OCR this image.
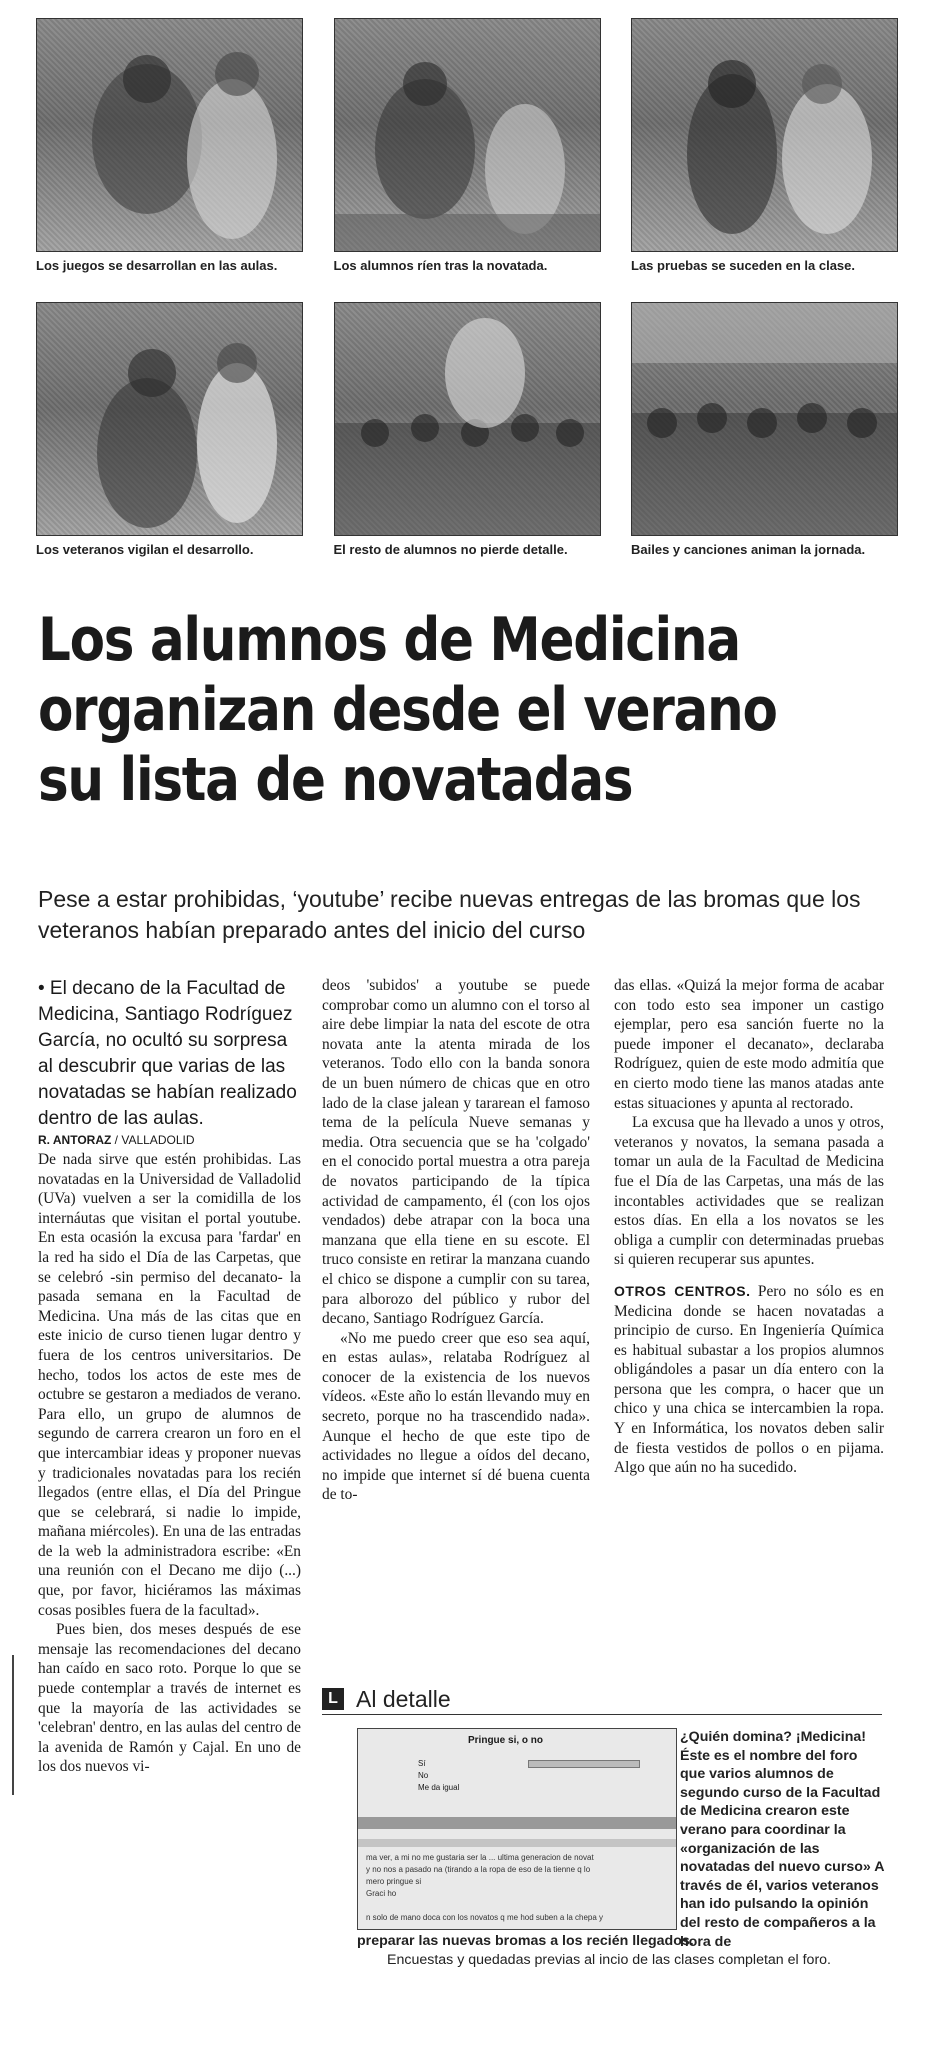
Los juegos se desarrollan en las aulas.	Los alumnos ríen tras la novatada.	Las pruebas se suceden en la clase.
Los veteranos vigilan el desarrollo.	El resto de alumnos no pierde detalle.	Bailes y canciones animan la jornada.
Los alumnos de Medicina
organizan desde el verano
su lista de novatadas
Pese a estar prohibidas, ‘youtube’ recibe nuevas entregas de las bromas que los veteranos habían preparado antes del inicio del curso

• El decano de la Facultad de Medicina, Santiago Rodríguez García, no ocultó su sorpresa al descubrir que varias de las novatadas se habían realizado dentro de las aulas.

R. ANTORAZ / VALLADOLID

De nada sirve que estén prohibidas. Las novatadas en la Universidad de Valladolid (UVa) vuelven a ser la comidilla de los internáutas que visitan el portal youtube. En esta ocasión la excusa para 'fardar' en la red ha sido el Día de las Carpetas, que se celebró -sin permiso del decanato- la pasada semana en la Facultad de Medicina. Una más de las citas que en este inicio de curso tienen lugar dentro y fuera de los centros universitarios. De hecho, todos los actos de este mes de octubre se gestaron a mediados de verano. Para ello, un grupo de alumnos de segundo de carrera crearon un foro en el que intercambiar ideas y proponer nuevas y tradicionales novatadas para los recién llegados (entre ellas, el Día del Pringue que se celebrará, si nadie lo impide, mañana miércoles). En una de las entradas de la web la administradora escribe: «En una reunión con el Decano me dijo (...) que, por favor, hiciéramos las máximas cosas posibles fuera de la facultad».

Pues bien, dos meses después de ese mensaje las recomendaciones del decano han caído en saco roto. Porque lo que se puede contemplar a través de internet es que la mayoría de las actividades se 'celebran' dentro, en las aulas del centro de la avenida de Ramón y Cajal. En uno de los dos nuevos vi-

deos 'subidos' a youtube se puede comprobar como un alumno con el torso al aire debe limpiar la nata del escote de otra novata ante la atenta mirada de los veteranos. Todo ello con la banda sonora de un buen número de chicas que en otro lado de la clase jalean y tararean el famoso tema de la película Nueve semanas y media. Otra secuencia que se ha 'colgado' en el conocido portal muestra a otra pareja de novatos participando de la típica actividad de campamento, él (con los ojos vendados) debe atrapar con la boca una manzana que ella tiene en su escote. El truco consiste en retirar la manzana cuando el chico se dispone a cumplir con su tarea, para alborozo del público y rubor del decano, Santiago Rodríguez García.

«No me puedo creer que eso sea aquí, en estas aulas», relataba Rodríguez al conocer de la existencia de los nuevos vídeos. «Este año lo están llevando muy en secreto, porque no ha trascendido nada». Aunque el hecho de que este tipo de actividades no llegue a oídos del decano, no impide que internet sí dé buena cuenta de to-

das ellas. «Quizá la mejor forma de acabar con todo esto sea imponer un castigo ejemplar, pero esa sanción fuerte no la puede imponer el decanato», declaraba Rodríguez, quien de este modo admitía que en cierto modo tiene las manos atadas ante estas situaciones y apunta al rectorado.

La excusa que ha llevado a unos y otros, veteranos y novatos, la semana pasada a tomar un aula de la Facultad de Medicina fue el Día de las Carpetas, una más de las incontables actividades que se realizan estos días. En ella a los novatos se les obliga a cumplir con determinadas pruebas si quieren recuperar sus apuntes.

OTROS CENTROS. Pero no sólo es en Medicina donde se hacen novatadas a principio de curso. En Ingeniería Química es habitual subastar a los propios alumnos obligándoles a pasar un día entero con la persona que les compra, o hacer que un chico y una chica se intercambien la ropa. Y en Informática, los novatos deben salir de fiesta vestidos de pollos o en pijama. Algo que aún no ha sucedido.

L Al detalle
Pringue si, o no
Sí
No
Me da igual
ma ver, a mi no me gustaria ser la ... ultima generacion de novat
y no nos a pasado na (tirando a la ropa de eso de la tienne q lo
mero pringue si
Graci ho
n solo de mano doca con los novatos q me hod suben a la chepa y
¿Quién domina? ¡Medicina! Éste es el nombre del foro que varios alumnos de segundo curso de la Facultad de Medicina crearon este verano para coordinar la «organización de las novatadas del nuevo curso» A través de él, varios veteranos han ido pulsando la opinión del resto de compañeros a la hora de

preparar las nuevas bromas a los recién llegados.

Encuestas y quedadas previas al incio de las clases completan el foro.
